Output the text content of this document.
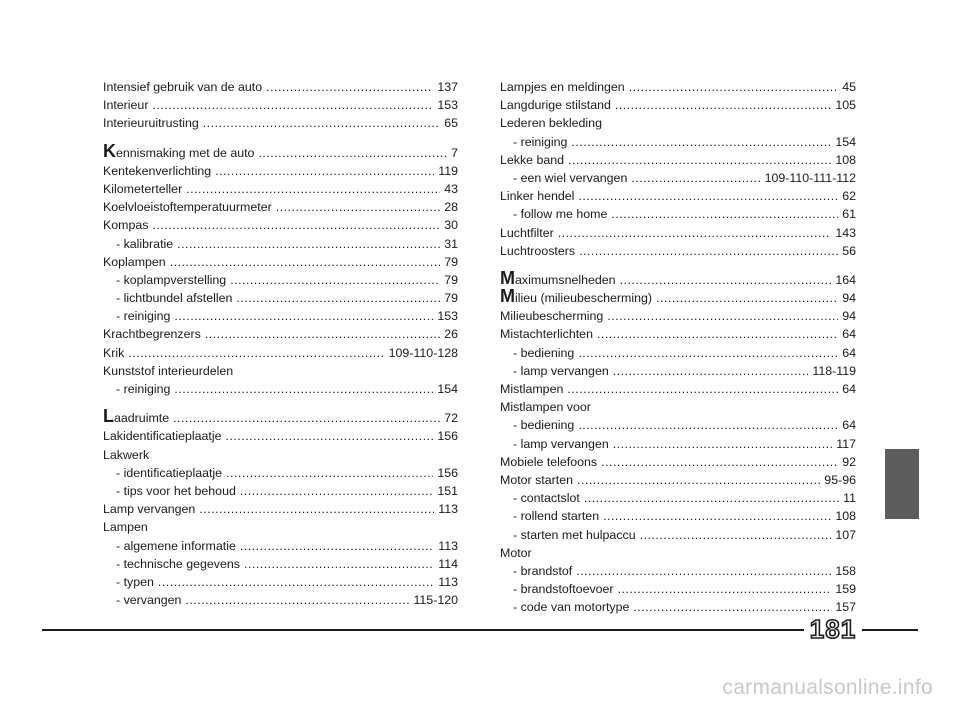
Intensief gebruik van de auto .....	137
Interieur .....	153
Interieuruitrusting .....	65
Kennismaking met de auto .....	7
Kentekenverlichting .....	119
Kilometerteller .....	43
Koelvloeistoftemperatuurmeter .....	28
Kompas .....	30
- kalibratie .....	31
Koplampen .....	79
- koplampverstelling .....	79
- lichtbundel afstellen .....	79
- reiniging .....	153
Krachtbegrenzers .....	26
Krik .....	109-110-128
Kunststof interieurdelen
- reiniging .....	154
Laadruimte .....	72
Lakidentificatieplaatje .....	156
Lakwerk
- identificatieplaatje .....	156
- tips voor het behoud .....	151
Lamp vervangen .....	113
Lampen
- algemene informatie .....	113
- technische gegevens .....	114
- typen .....	113
- vervangen .....	115-120
Lampjes en meldingen .....	45
Langdurige stilstand .....	105
Lederen bekleding
- reiniging .....	154
Lekke band .....	108
- een wiel vervangen .....	109-110-111-112
Linker hendel .....	62
- follow me home .....	61
Luchtfilter .....	143
Luchtroosters .....	56
Maximumsnelheden .....	164
Milieu (milieubescherming) .....	94
Milieubescherming .....	94
Mistachterlichten .....	64
- bediening .....	64
- lamp vervangen .....	118-119
Mistlampen .....	64
Mistlampen voor
- bediening .....	64
- lamp vervangen .....	117
Mobiele telefoons .....	92
Motor starten .....	95-96
- contactslot .....	11
- rollend starten .....	108
- starten met hulpaccu .....	107
Motor
- brandstof .....	158
- brandstoftoevoer .....	159
- code van motortype .....	157
181
carmanualsonline.info
